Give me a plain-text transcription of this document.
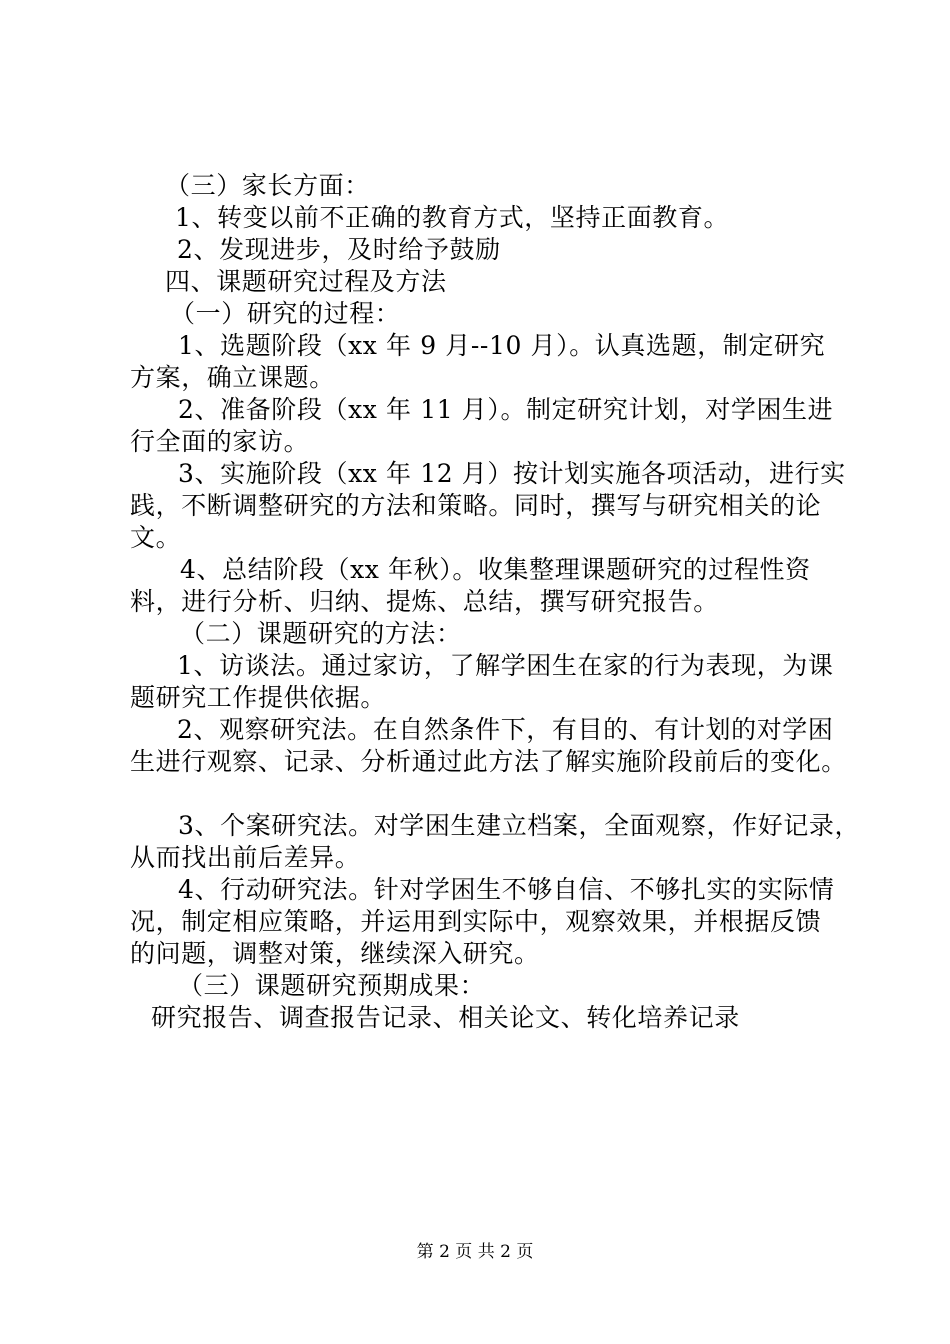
（三）家长方面：
1、转变以前不正确的教育方式，坚持正面教育。
2、发现进步，及时给予鼓励
四、课题研究过程及方法
（一）研究的过程：
1、选题阶段（xx 年 9 月--10 月）。认真选题，制定研究
方案，确立课题。
2、准备阶段（xx 年 11 月）。制定研究计划，对学困生进
行全面的家访。
3、实施阶段（xx 年 12 月）按计划实施各项活动，进行实
践，不断调整研究的方法和策略。同时，撰写与研究相关的论
文。
4、总结阶段（xx 年秋）。收集整理课题研究的过程性资
料，进行分析、归纳、提炼、总结，撰写研究报告。
（二）课题研究的方法：
1、访谈法。通过家访，了解学困生在家的行为表现，为课
题研究工作提供依据。
2、观察研究法。在自然条件下，有目的、有计划的对学困
生进行观察、记录、分析通过此方法了解实施阶段前后的变化。
3、个案研究法。对学困生建立档案，全面观察，作好记录，
从而找出前后差异。
4、行动研究法。针对学困生不够自信、不够扎实的实际情
况，制定相应策略，并运用到实际中，观察效果，并根据反馈
的问题，调整对策，继续深入研究。
（三）课题研究预期成果：
研究报告、调查报告记录、相关论文、转化培养记录
第 2 页 共 2 页
